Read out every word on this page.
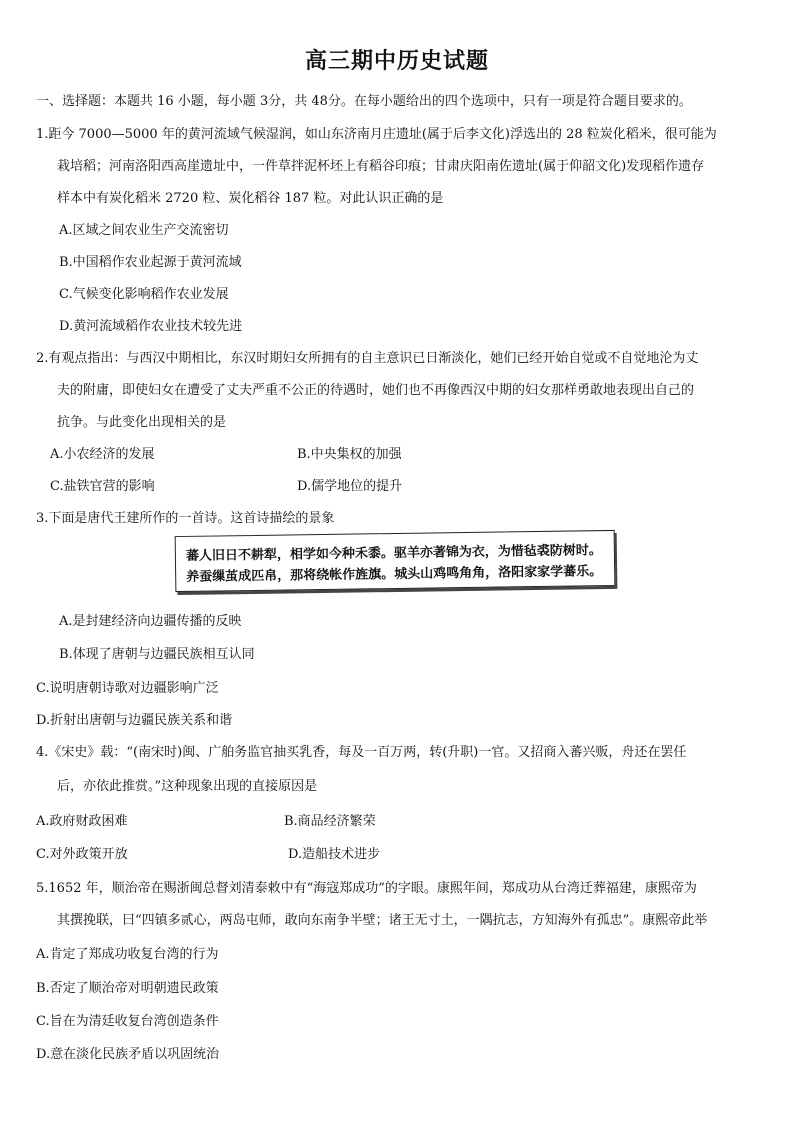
高三期中历史试题
一、选择题：本题共 16 小题，每小题 3分，共 48分。在每小题给出的四个选项中，只有一项是符合题目要求的。
1.距今 7000—5000 年的黄河流域气候湿润，如山东济南月庄遗址(属于后李文化)浮选出的 28 粒炭化稻米，很可能为
栽培稻；河南洛阳西高崖遗址中，一件草拌泥杯坯上有稻谷印痕；甘肃庆阳南佐遗址(属于仰韶文化)发现稻作遗存
样本中有炭化稻米 2720 粒、炭化稻谷 187 粒。对此认识正确的是
A.区域之间农业生产交流密切
B.中国稻作农业起源于黄河流域
C.气候变化影响稻作农业发展
D.黄河流域稻作农业技术较先进
2.有观点指出：与西汉中期相比，东汉时期妇女所拥有的自主意识已日渐淡化，她们已经开始自觉或不自觉地沦为丈
夫的附庸，即使妇女在遭受了丈夫严重不公正的待遇时，她们也不再像西汉中期的妇女那样勇敢地表现出自己的
抗争。与此变化出现相关的是
A.小农经济的发展	B.中央集权的加强
C.盐铁官营的影响	D.儒学地位的提升
3.下面是唐代王建所作的一首诗。这首诗描绘的景象
蕃人旧日不耕犁，相学如今种禾黍。驱羊亦著锦为衣，为惜毡裘防树时。
养蚕缫茧成匹帛，那将绕帐作旌旗。城头山鸡鸣角角，洛阳家家学蕃乐。
A.是封建经济向边疆传播的反映
B.体现了唐朝与边疆民族相互认同
C.说明唐朝诗歌对边疆影响广泛
D.折射出唐朝与边疆民族关系和谐
4.《宋史》载：“(南宋时)闽、广舶务监官抽买乳香，每及一百万两，转(升职)一官。又招商入蕃兴贩，舟还在罢任
后，亦依此推赏。”这种现象出现的直接原因是
A.政府财政困难	B.商品经济繁荣
C.对外政策开放	D.造船技术进步
5.1652 年，顺治帝在赐浙闽总督刘清泰敕中有“海寇郑成功”的字眼。康熙年间，郑成功从台湾迁葬福建，康熙帝为
其撰挽联，曰“四镇多贰心，两岛屯师，敢向东南争半壁；诸王无寸土，一隅抗志，方知海外有孤忠”。康熙帝此举
A.肯定了郑成功收复台湾的行为
B.否定了顺治帝对明朝遗民政策
C.旨在为清廷收复台湾创造条件
D.意在淡化民族矛盾以巩固统治
